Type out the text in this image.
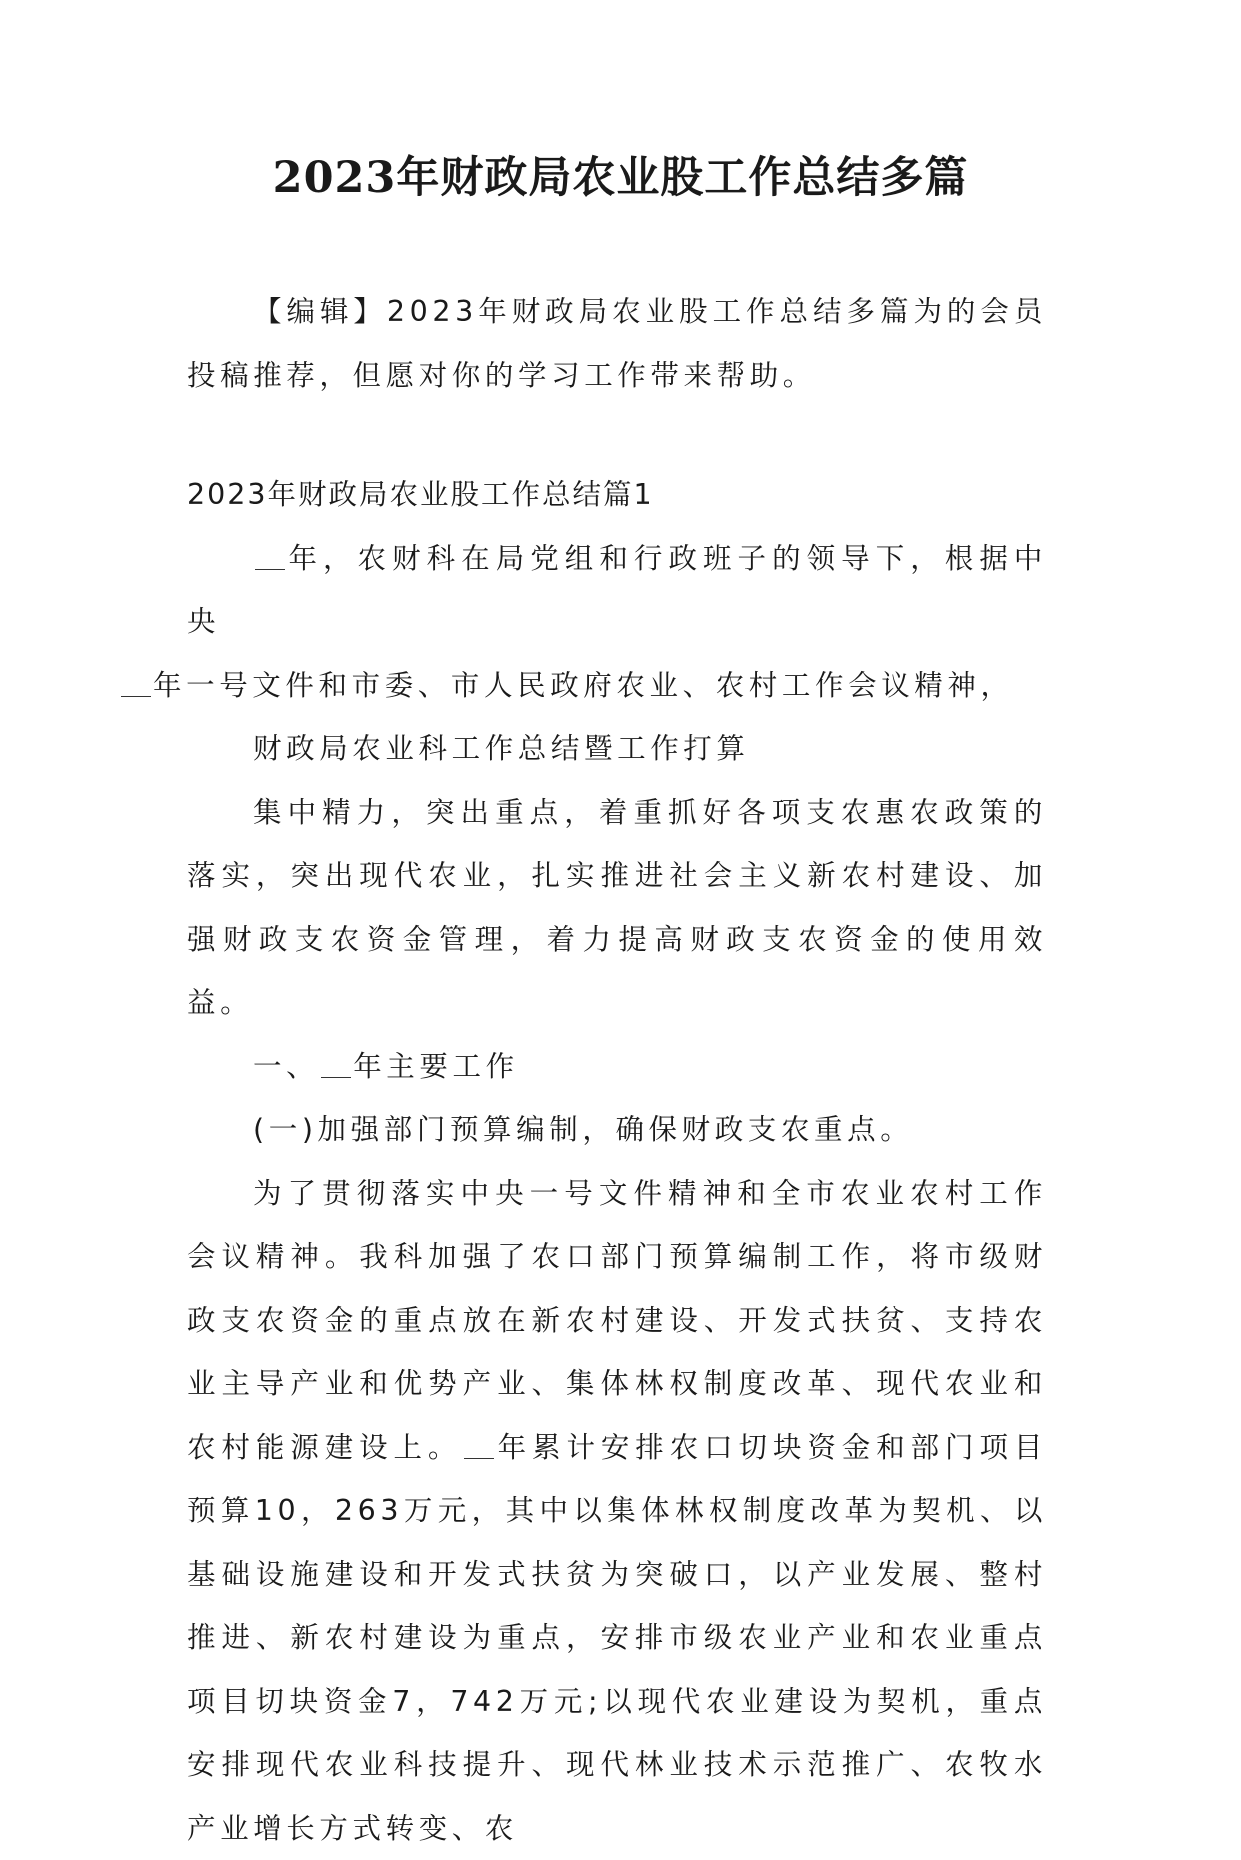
2023年财政局农业股工作总结多篇

【编辑】2023年财政局农业股工作总结多篇为的会员投稿推荐，但愿对你的学习工作带来帮助。

2023年财政局农业股工作总结篇1

年，农财科在局党组和行政班子的领导下，根据中央
年一号文件和市委、市人民政府农业、农村工作会议精神，

财政局农业科工作总结暨工作打算

集中精力，突出重点，着重抓好各项支农惠农政策的落实，突出现代农业，扎实推进社会主义新农村建设、加强财政支农资金管理，着力提高财政支农资金的使用效益。

一、 年主要工作

(一)加强部门预算编制，确保财政支农重点。

为了贯彻落实中央一号文件精神和全市农业农村工作会议精神。我科加强了农口部门预算编制工作，将市级财政支农资金的重点放在新农村建设、开发式扶贫、支持农业主导产业和优势产业、集体林权制度改革、现代农业和农村能源建设上。 年累计安排农口切块资金和部门项目预算10，263万元，其中以集体林权制度改革为契机、以基础设施建设和开发式扶贫为突破口，以产业发展、整村推进、新农村建设为重点，安排市级农业产业和农业重点项目切块资金7，742万元;以现代农业建设为契机，重点安排现代农业科技提升、现代林业技术示范推广、农牧水产业增长方式转变、农
